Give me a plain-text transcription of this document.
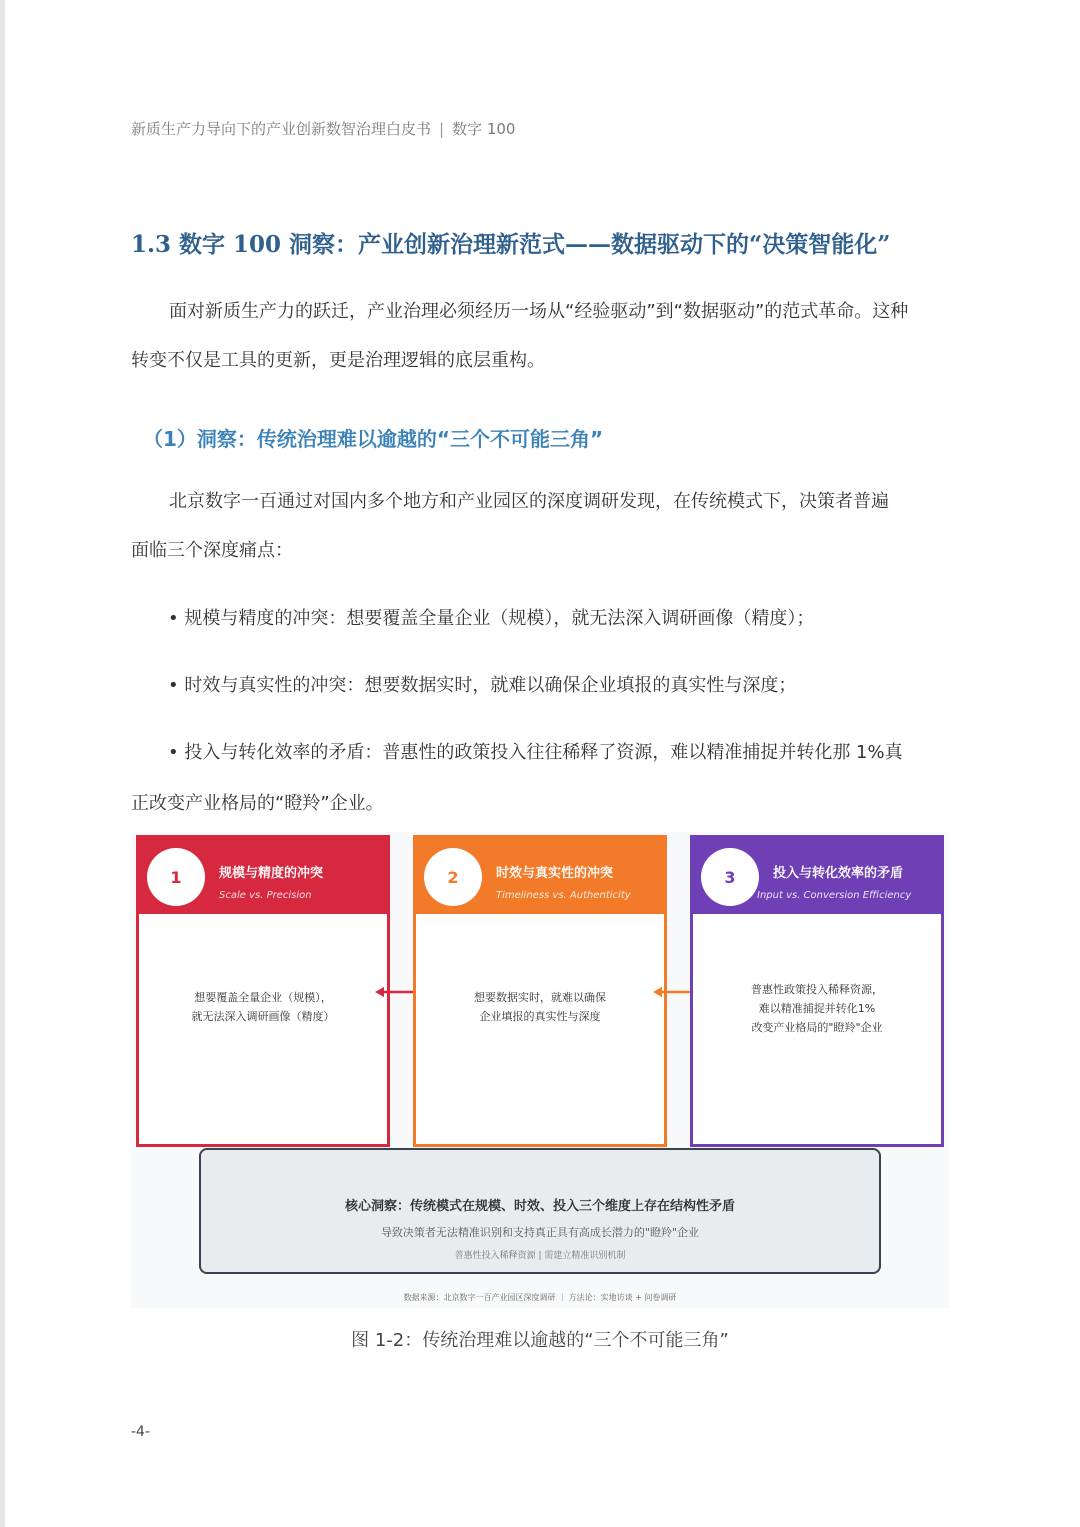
新质生产力导向下的产业创新数智治理白皮书 | 数字 100
1.3 数字 100 洞察：产业创新治理新范式——数据驱动下的“决策智能化”
面对新质生产力的跃迁，产业治理必须经历一场从“经验驱动”到“数据驱动”的范式革命。这种
转变不仅是工具的更新，更是治理逻辑的底层重构。
（1）洞察：传统治理难以逾越的“三个不可能三角”
北京数字一百通过对国内多个地方和产业园区的深度调研发现，在传统模式下，决策者普遍
面临三个深度痛点：
• 规模与精度的冲突：想要覆盖全量企业（规模），就无法深入调研画像（精度）；
• 时效与真实性的冲突：想要数据实时，就难以确保企业填报的真实性与深度；
• 投入与转化效率的矛盾：普惠性的政策投入往往稀释了资源，难以精准捕捉并转化那 1%真
正改变产业格局的“瞪羚”企业。
1	规模与精度的冲突
Scale vs. Precision
想要覆盖全量企业（规模），
就无法深入调研画像（精度）
2	时效与真实性的冲突
Timeliness vs. Authenticity
想要数据实时，就难以确保
企业填报的真实性与深度
3	投入与转化效率的矛盾
Input vs. Conversion Efficiency
普惠性政策投入稀释资源，
难以精准捕捉并转化1%
改变产业格局的"瞪羚"企业
核心洞察：传统模式在规模、时效、投入三个维度上存在结构性矛盾
导致决策者无法精准识别和支持真正具有高成长潜力的"瞪羚"企业
普惠性投入稀释资源 | 需建立精准识别机制
数据来源：北京数字一百产业园区深度调研 ｜ 方法论：实地访谈 + 问卷调研
图 1-2：传统治理难以逾越的“三个不可能三角”
-4-
